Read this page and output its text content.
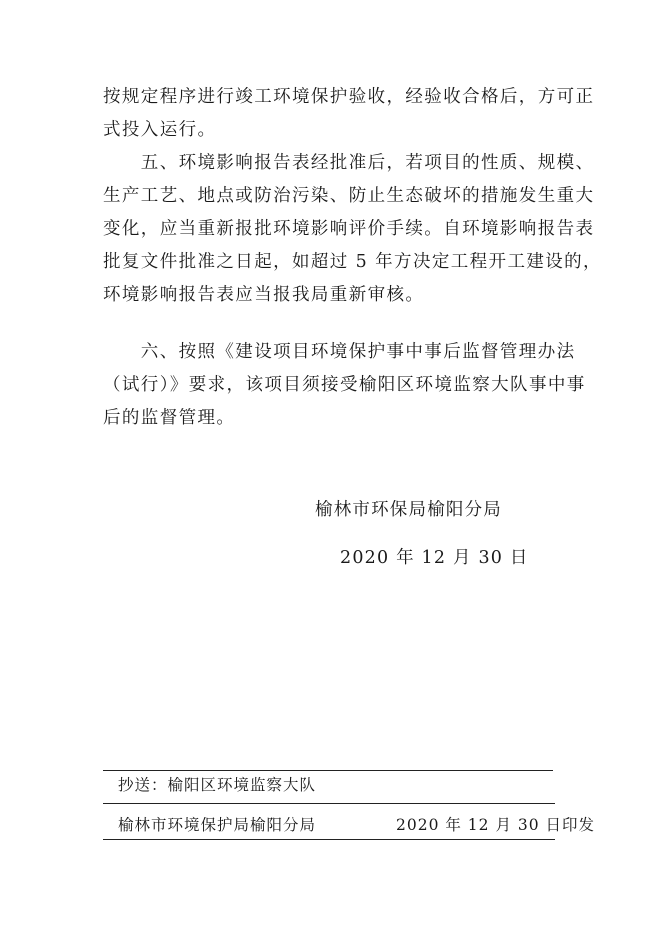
按规定程序进行竣工环境保护验收，经验收合格后，方可正
式投入运行。
　　五、环境影响报告表经批准后，若项目的性质、规模、
生产工艺、地点或防治污染、防止生态破坏的措施发生重大
变化，应当重新报批环境影响评价手续。自环境影响报告表
批复文件批准之日起，如超过 5 年方决定工程开工建设的，
环境影响报告表应当报我局重新审核。
　　六、按照《建设项目环境保护事中事后监督管理办法
（试行）》要求，该项目须接受榆阳区环境监察大队事中事
后的监督管理。
榆林市环保局榆阳分局
2020 年 12 月 30 日
抄送：榆阳区环境监察大队
榆林市环境保护局榆阳分局	2020 年 12 月 30 日印发
